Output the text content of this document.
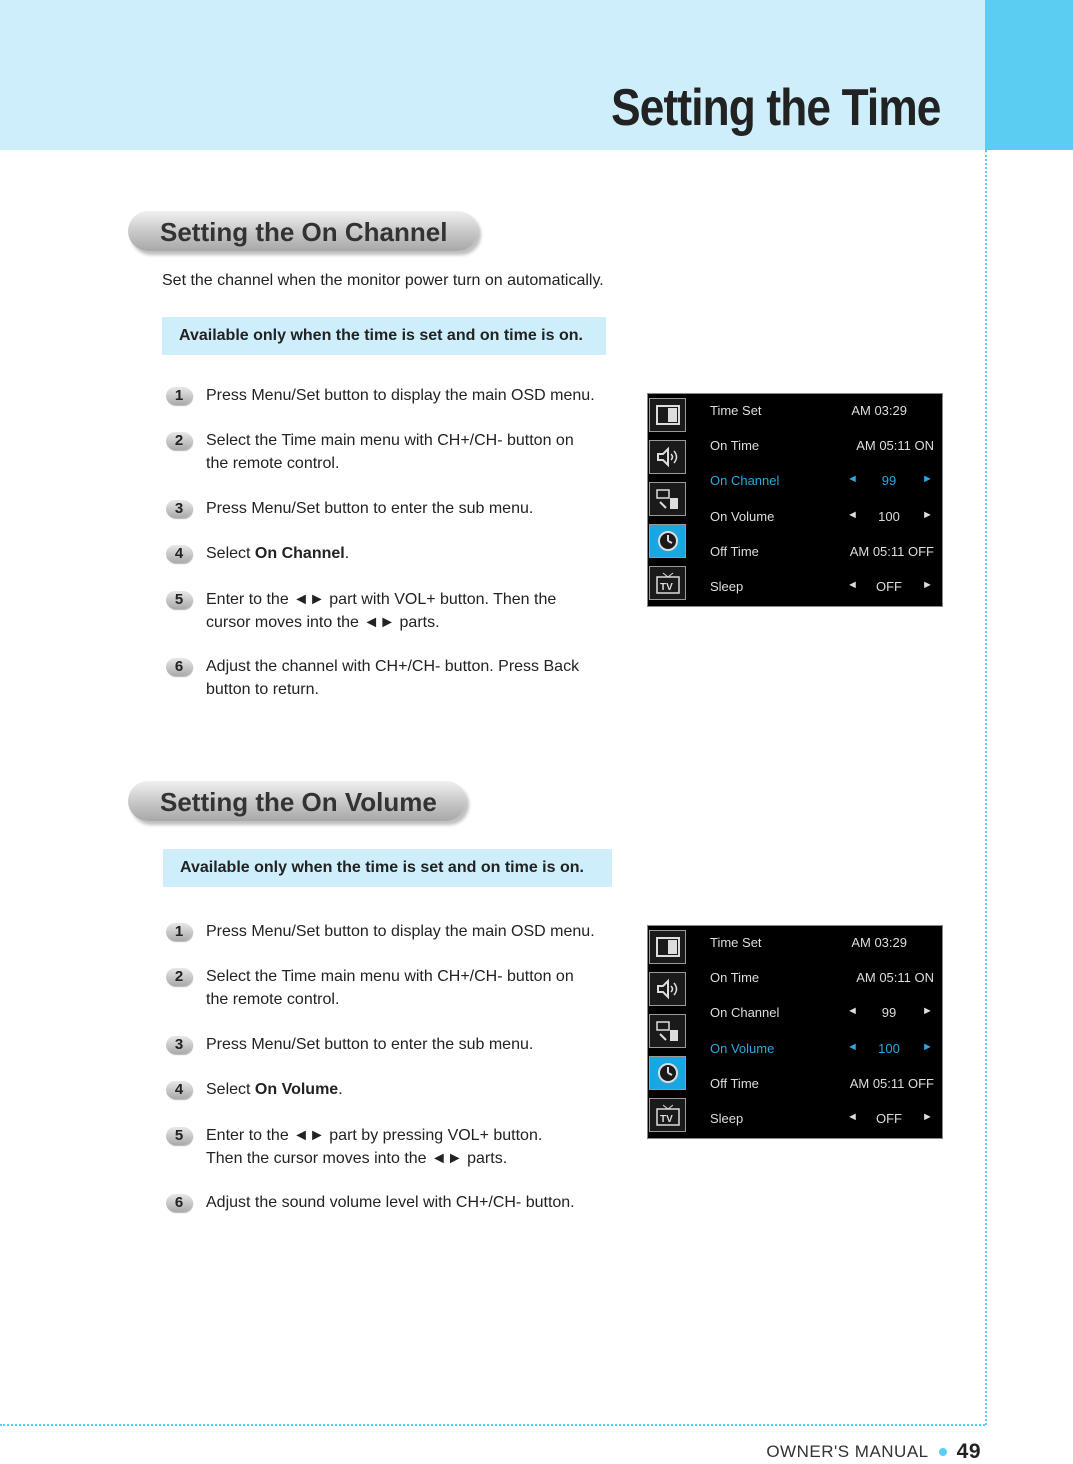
Setting the Time
OWNER'S MANUAL 49
Setting the On Channel
Set the channel when the monitor power turn on automatically.
Available only when the time is set and on time is on.
1	Press Menu/Set button to display the main OSD menu.
2	Select the Time main menu with CH+/CH- button on
the remote control.
3	Press Menu/Set button to enter the sub menu.
4	Select On Channel.
5	Enter to the ◄► part with VOL+ button. Then the
cursor moves into the ◄► parts.
6	Adjust the channel with CH+/CH- button. Press Back
button to return.
TV
Time Set	AM 03:29
On Time	AM 05:11 ON
On Channel	◄	99	►
On Volume	◄	100	►
Off Time	AM 05:11 OFF
Sleep	◄	OFF	►
Setting the On Volume
Available only when the time is set and on time is on.
1	Press Menu/Set button to display the main OSD menu.
2	Select the Time main menu with CH+/CH- button on
the remote control.
3	Press Menu/Set button to enter the sub menu.
4	Select On Volume.
5	Enter to the ◄► part by pressing VOL+ button.
Then the cursor moves into the ◄► parts.
6	Adjust the sound volume level with CH+/CH- button.
TV
Time Set	AM 03:29
On Time	AM 05:11 ON
On Channel	◄	99	►
On Volume	◄	100	►
Off Time	AM 05:11 OFF
Sleep	◄	OFF	►
